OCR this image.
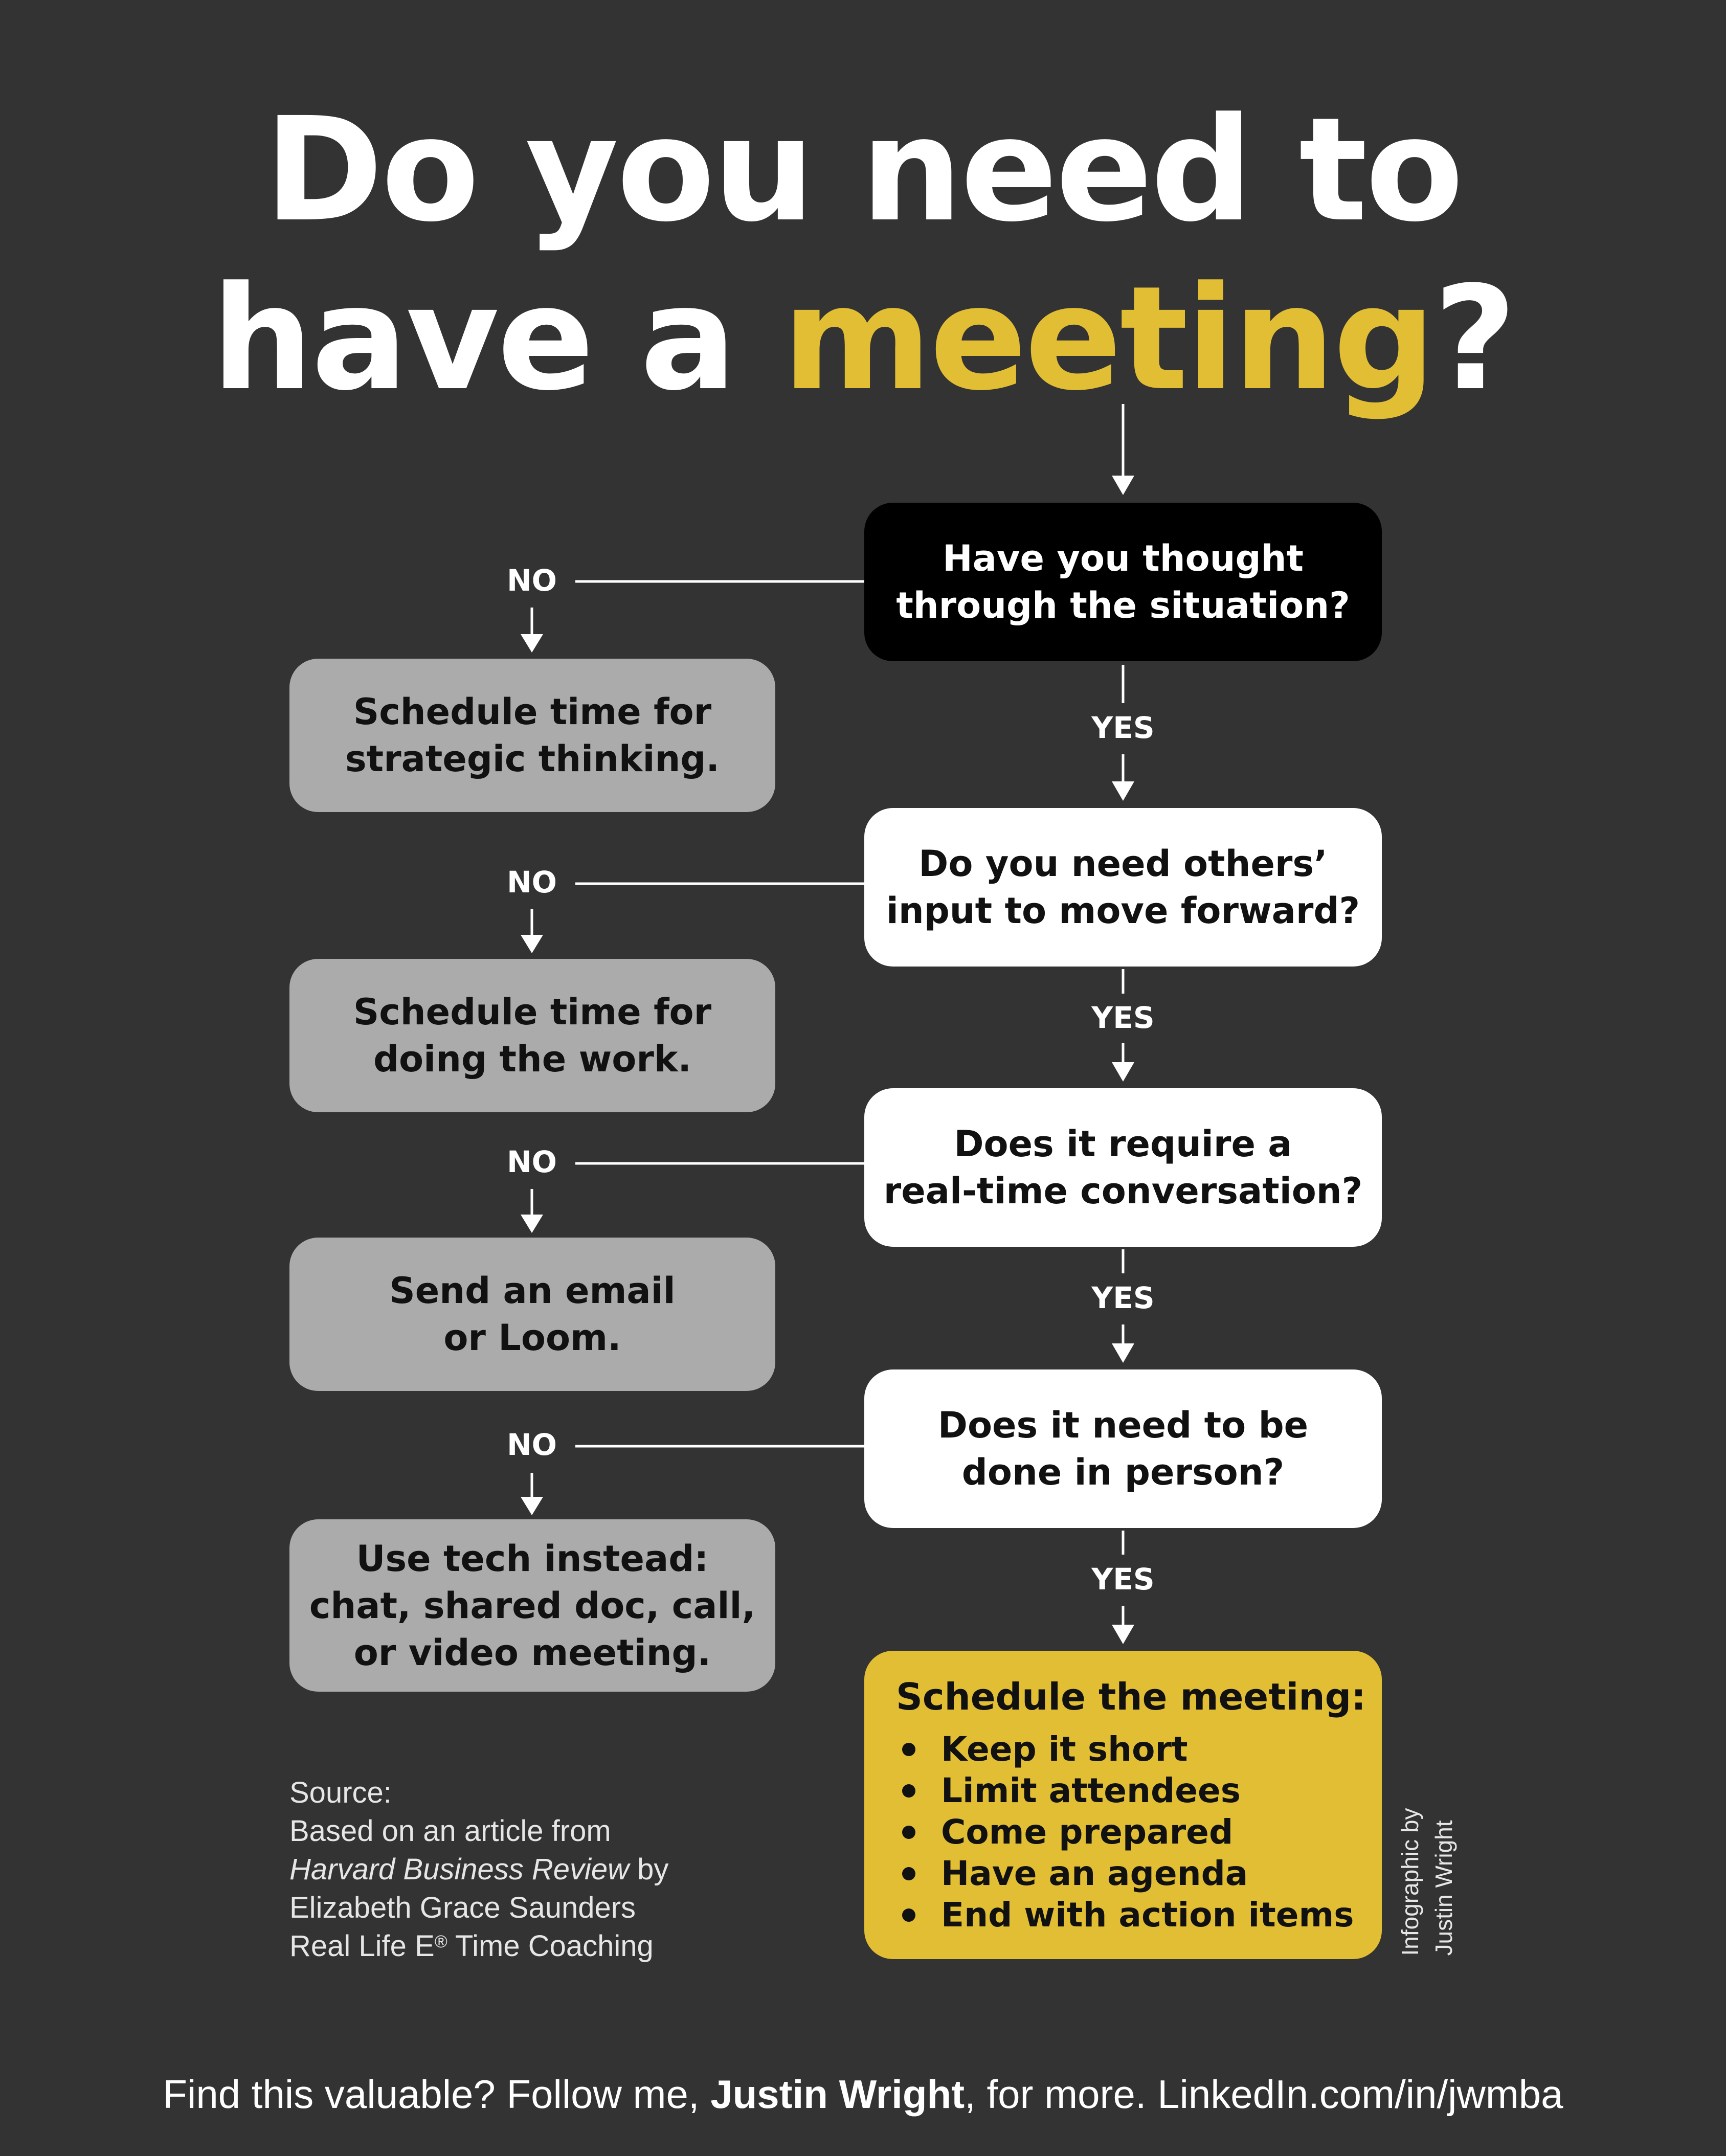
Do you need to
have a meeting?
Have you thought
through the situation?
Do you need others’
input to move forward?
Does it require a
real-time conversation?
Does it need to be
done in person?
NO
NO
NO
NO
YES
YES
YES
YES
Schedule time for
strategic thinking.
Schedule time for
doing the work.
Send an email
or Loom.
Use tech instead:
chat, shared doc, call,
or video meeting.
Schedule the meeting:
Keep it short
Limit attendees
Come prepared
Have an agenda
End with action items
Source:
Based on an article from
Harvard Business Review by
Elizabeth Grace Saunders
Real Life E® Time Coaching	Infographic by Justin Wright
Find this valuable? Follow me, Justin Wright, for more. LinkedIn.com/in/jwmba
